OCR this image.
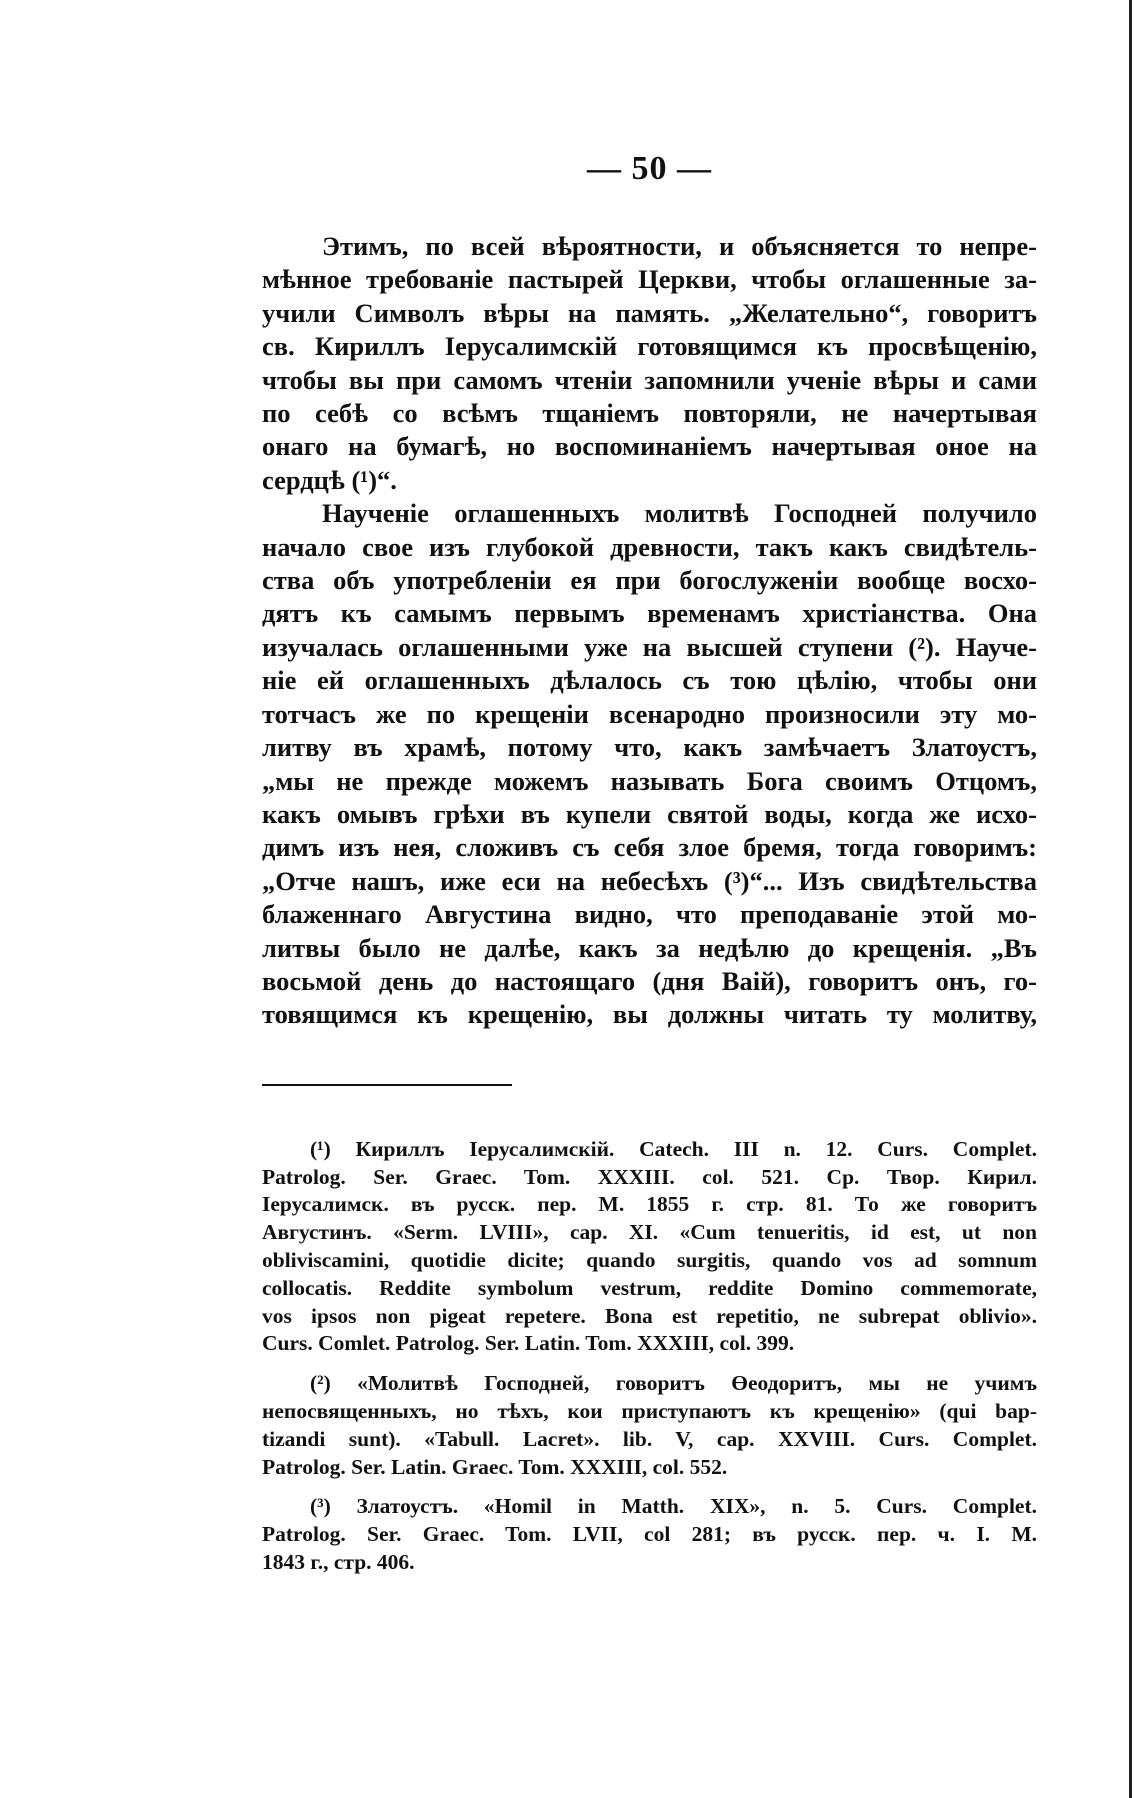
— 50 —
Этимъ, по всей вѣроятности, и объясняется то непре-
мѣнное требованіе пастырей Церкви, чтобы оглашенные за-
учили Символъ вѣры на память. „Желательно“, говоритъ
св. Кириллъ Іерусалимскій готовящимся къ просвѣщенію,
чтобы вы при самомъ чтеніи запомнили ученіе вѣры и сами
по себѣ со всѣмъ тщаніемъ повторяли, не начертывая
онаго на бумагѣ, но воспоминаніемъ начертывая оное на
сердцѣ (¹)“.
Наученіе оглашенныхъ молитвѣ Господней получило
начало свое изъ глубокой древности, такъ какъ свидѣтель-
ства объ употребленіи ея при богослуженіи вообще восхо-
дятъ къ самымъ первымъ временамъ христіанства. Она
изучалась оглашенными уже на высшей ступени (²). Науче-
ніе ей оглашенныхъ дѣлалось съ тою цѣлію, чтобы они
тотчасъ же по крещеніи всенародно произносили эту мо-
литву въ храмѣ, потому что, какъ замѣчаетъ Златоустъ,
„мы не прежде можемъ называть Бога своимъ Отцомъ,
какъ омывъ грѣхи въ купели святой воды, когда же исхо-
димъ изъ нея, сложивъ съ себя злое бремя, тогда говоримъ:
„Отче нашъ, иже еси на небесѣхъ (³)“... Изъ свидѣтельства
блаженнаго Августина видно, что преподаваніе этой мо-
литвы было не далѣе, какъ за недѣлю до крещенія. „Въ
восьмой день до настоящаго (дня Ваій), говоритъ онъ, го-
товящимся къ крещенію, вы должны читать ту молитву,
(¹) Кириллъ Іерусалимскій. Catech. III n. 12. Curs. Complet.
Patrolog. Ser. Graec. Tom. XXXIII. col. 521. Ср. Твор. Кирил.
Іерусалимск. въ русск. пер. М. 1855 г. стр. 81. То же говоритъ
Августинъ. «Serm. LVIII», cap. XI. «Cum tenueritis, id est, ut non
obliviscamini, quotidie dicite; quando surgitis, quando vos ad somnum
collocatis. Reddite symbolum vestrum, reddite Domino commemorate,
vos ipsos non pigeat repetere. Bona est repetitio, ne subrepat oblivio».
Curs. Comlet. Patrolog. Ser. Latin. Tom. XXXIII, col. 399.
(²) «Молитвѣ Господней, говоритъ Өеодоритъ, мы не учимъ
непосвященныхъ, но тѣхъ, кои приступаютъ къ крещенію» (qui bap-
tizandi sunt). «Tabull. Lacret». lib. V, cap. XXVIII. Curs. Complet.
Patrolog. Ser. Latin. Graec. Tom. XXXIII, col. 552.
(³) Златоустъ. «Homil in Matth. XIX», n. 5. Curs. Complet.
Patrolog. Ser. Graec. Tom. LVII, col 281; въ русск. пер. ч. I. М.
1843 г., стр. 406.
